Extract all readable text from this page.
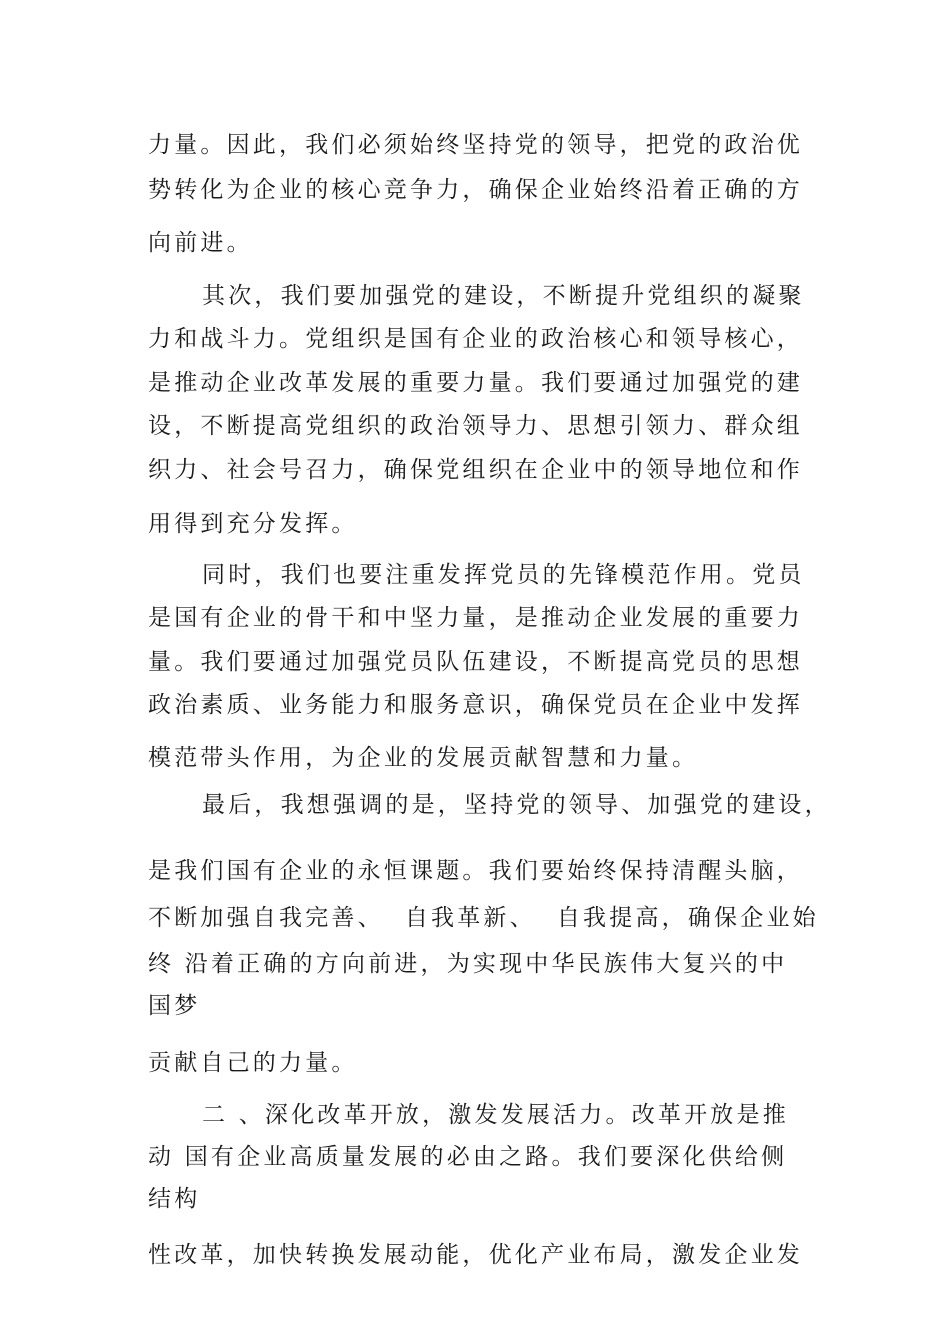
力量。因此，我们必须始终坚持党的领导，把党的政治优
势转化为企业的核心竞争力，确保企业始终沿着正确的方
向前进。
其次，我们要加强党的建设，不断提升党组织的凝聚
力和战斗力。党组织是国有企业的政治核心和领导核心，
是推动企业改革发展的重要力量。我们要通过加强党的建
设，不断提高党组织的政治领导力、思想引领力、群众组
织力、社会号召力，确保党组织在企业中的领导地位和作
用得到充分发挥。
同时，我们也要注重发挥党员的先锋模范作用。党员
是国有企业的骨干和中坚力量，是推动企业发展的重要力
量。我们要通过加强党员队伍建设，不断提高党员的思想
政治素质、业务能力和服务意识，确保党员在企业中发挥
模范带头作用，为企业的发展贡献智慧和力量。
最后，我想强调的是，坚持党的领导、加强党的建设，
是我们国有企业的永恒课题。我们要始终保持清醒头脑，
不断加强自我完善、  自我革新、  自我提高，确保企业始
终 沿着正确的方向前进，为实现中华民族伟大复兴的中
国梦
贡献自己的力量。
二 、深化改革开放，激发发展活力。改革开放是推
动 国有企业高质量发展的必由之路。我们要深化供给侧
结构
性改革，加快转换发展动能，优化产业布局，激发企业发
